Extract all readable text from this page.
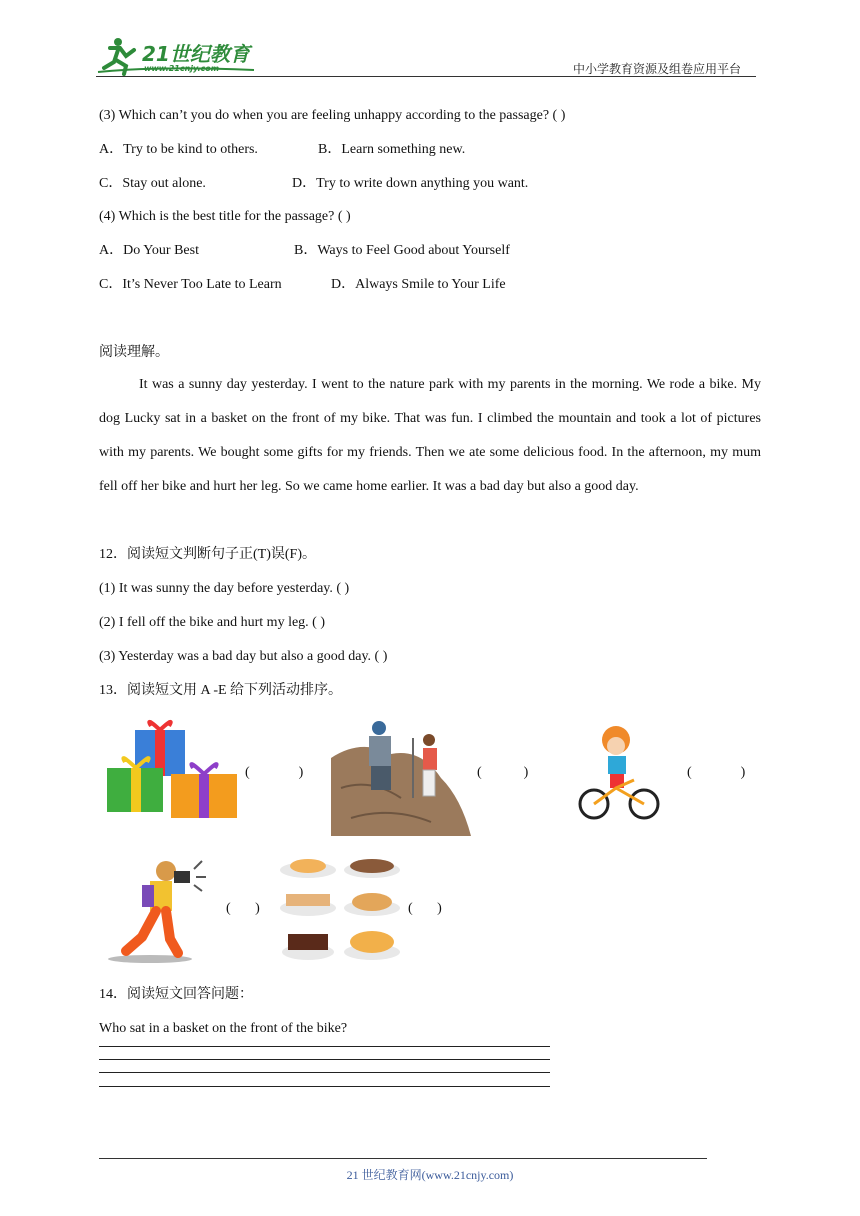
21世纪教育
www.21cnjy.com	中小学教育资源及组卷应用平台
(3) Which can’t you do when you are feeling unhappy according to the passage? ( )
A．Try to be kind to others.	B．Learn something new.
C．Stay out alone.	D．Try to write down anything you want.
(4) Which is the best title for the passage? ( )
A．Do Your Best	B．Ways to Feel Good about Yourself
C．It’s Never Too Late to Learn	D．Always Smile to Your Life
阅读理解。
It was a sunny day yesterday. I went to the nature park with my parents in the morning. We rode a bike. My dog Lucky sat in a basket on the front of my bike. That was fun. I climbed the mountain and took a lot of pictures with my parents. We bought some gifts for my friends. Then we ate some delicious food. In the afternoon, my mum fell off her bike and hurt her leg. So we came home earlier. It was a bad day but also a good day.
12．阅读短文判断句子正(T)误(F)。
(1) It was sunny the day before yesterday. ( )
(2) I fell off the bike and hurt my leg. ( )
(3) Yesterday was a bad day but also a good day. ( )
13．阅读短文用 A -E 给下列活动排序。
(              )	(            )	(              )
(       )	(       )
14．阅读短文回答问题：
Who sat in a basket on the front of the bike?
21 世纪教育网(www.21cnjy.com)
